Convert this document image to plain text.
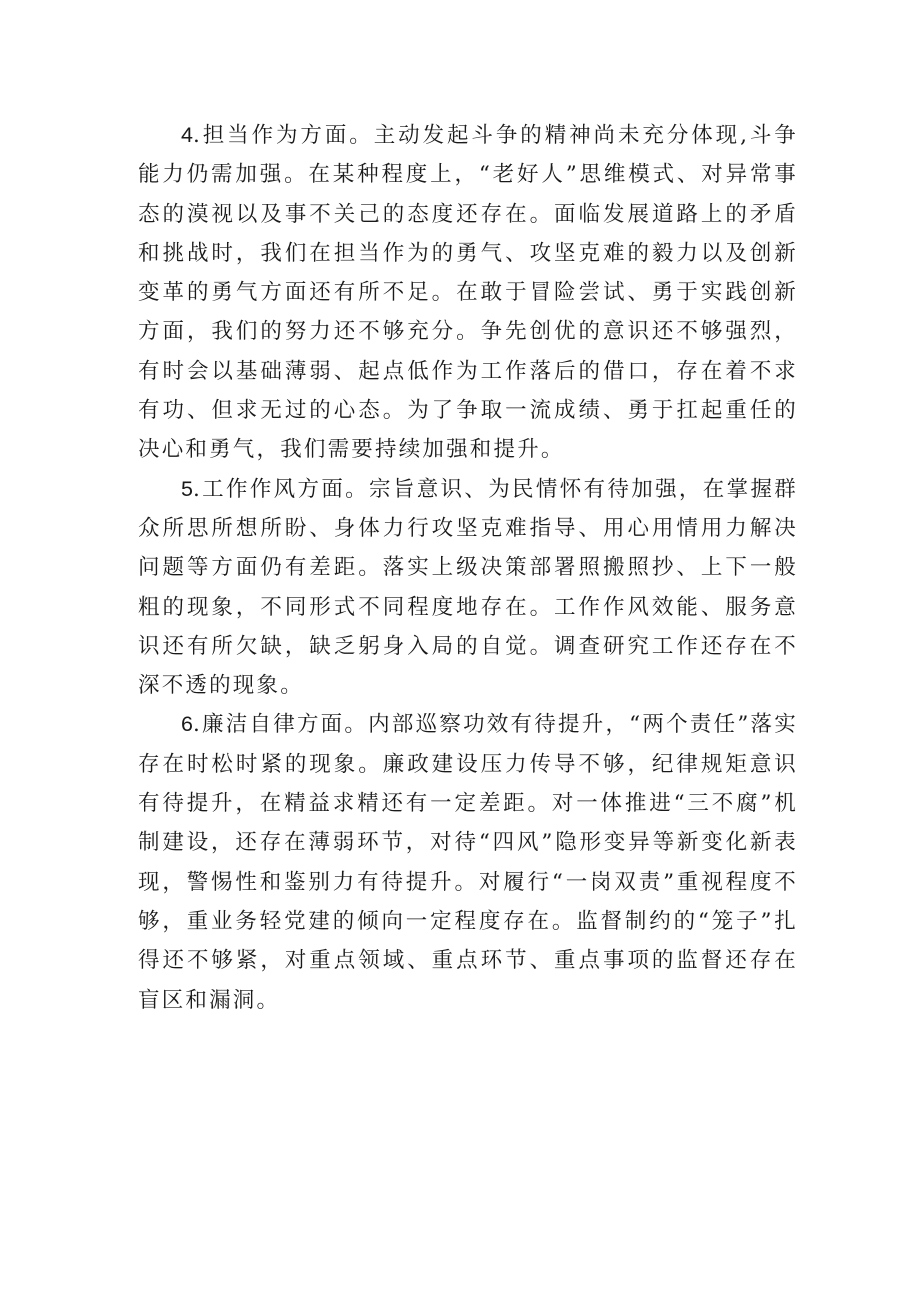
4.担当作为方面。主动发起斗争的精神尚未充分体现,斗争能力仍需加强。在某种程度上，“老好人”思维模式、对异常事态的漠视以及事不关己的态度还存在。面临发展道路上的矛盾和挑战时，我们在担当作为的勇气、攻坚克难的毅力以及创新变革的勇气方面还有所不足。在敢于冒险尝试、勇于实践创新方面，我们的努力还不够充分。争先创优的意识还不够强烈，有时会以基础薄弱、起点低作为工作落后的借口，存在着不求有功、但求无过的心态。为了争取一流成绩、勇于扛起重任的决心和勇气，我们需要持续加强和提升。

5.工作作风方面。宗旨意识、为民情怀有待加强，在掌握群众所思所想所盼、身体力行攻坚克难指导、用心用情用力解决问题等方面仍有差距。落实上级决策部署照搬照抄、上下一般粗的现象，不同形式不同程度地存在。工作作风效能、服务意识还有所欠缺，缺乏躬身入局的自觉。调查研究工作还存在不深不透的现象。

6.廉洁自律方面。内部巡察功效有待提升，“两个责任”落实存在时松时紧的现象。廉政建设压力传导不够，纪律规矩意识有待提升，在精益求精还有一定差距。对一体推进“三不腐”机制建设，还存在薄弱环节，对待“四风”隐形变异等新变化新表现，警惕性和鉴别力有待提升。对履行“一岗双责”重视程度不够，重业务轻党建的倾向一定程度存在。监督制约的“笼子”扎得还不够紧，对重点领域、重点环节、重点事项的监督还存在盲区和漏洞。
